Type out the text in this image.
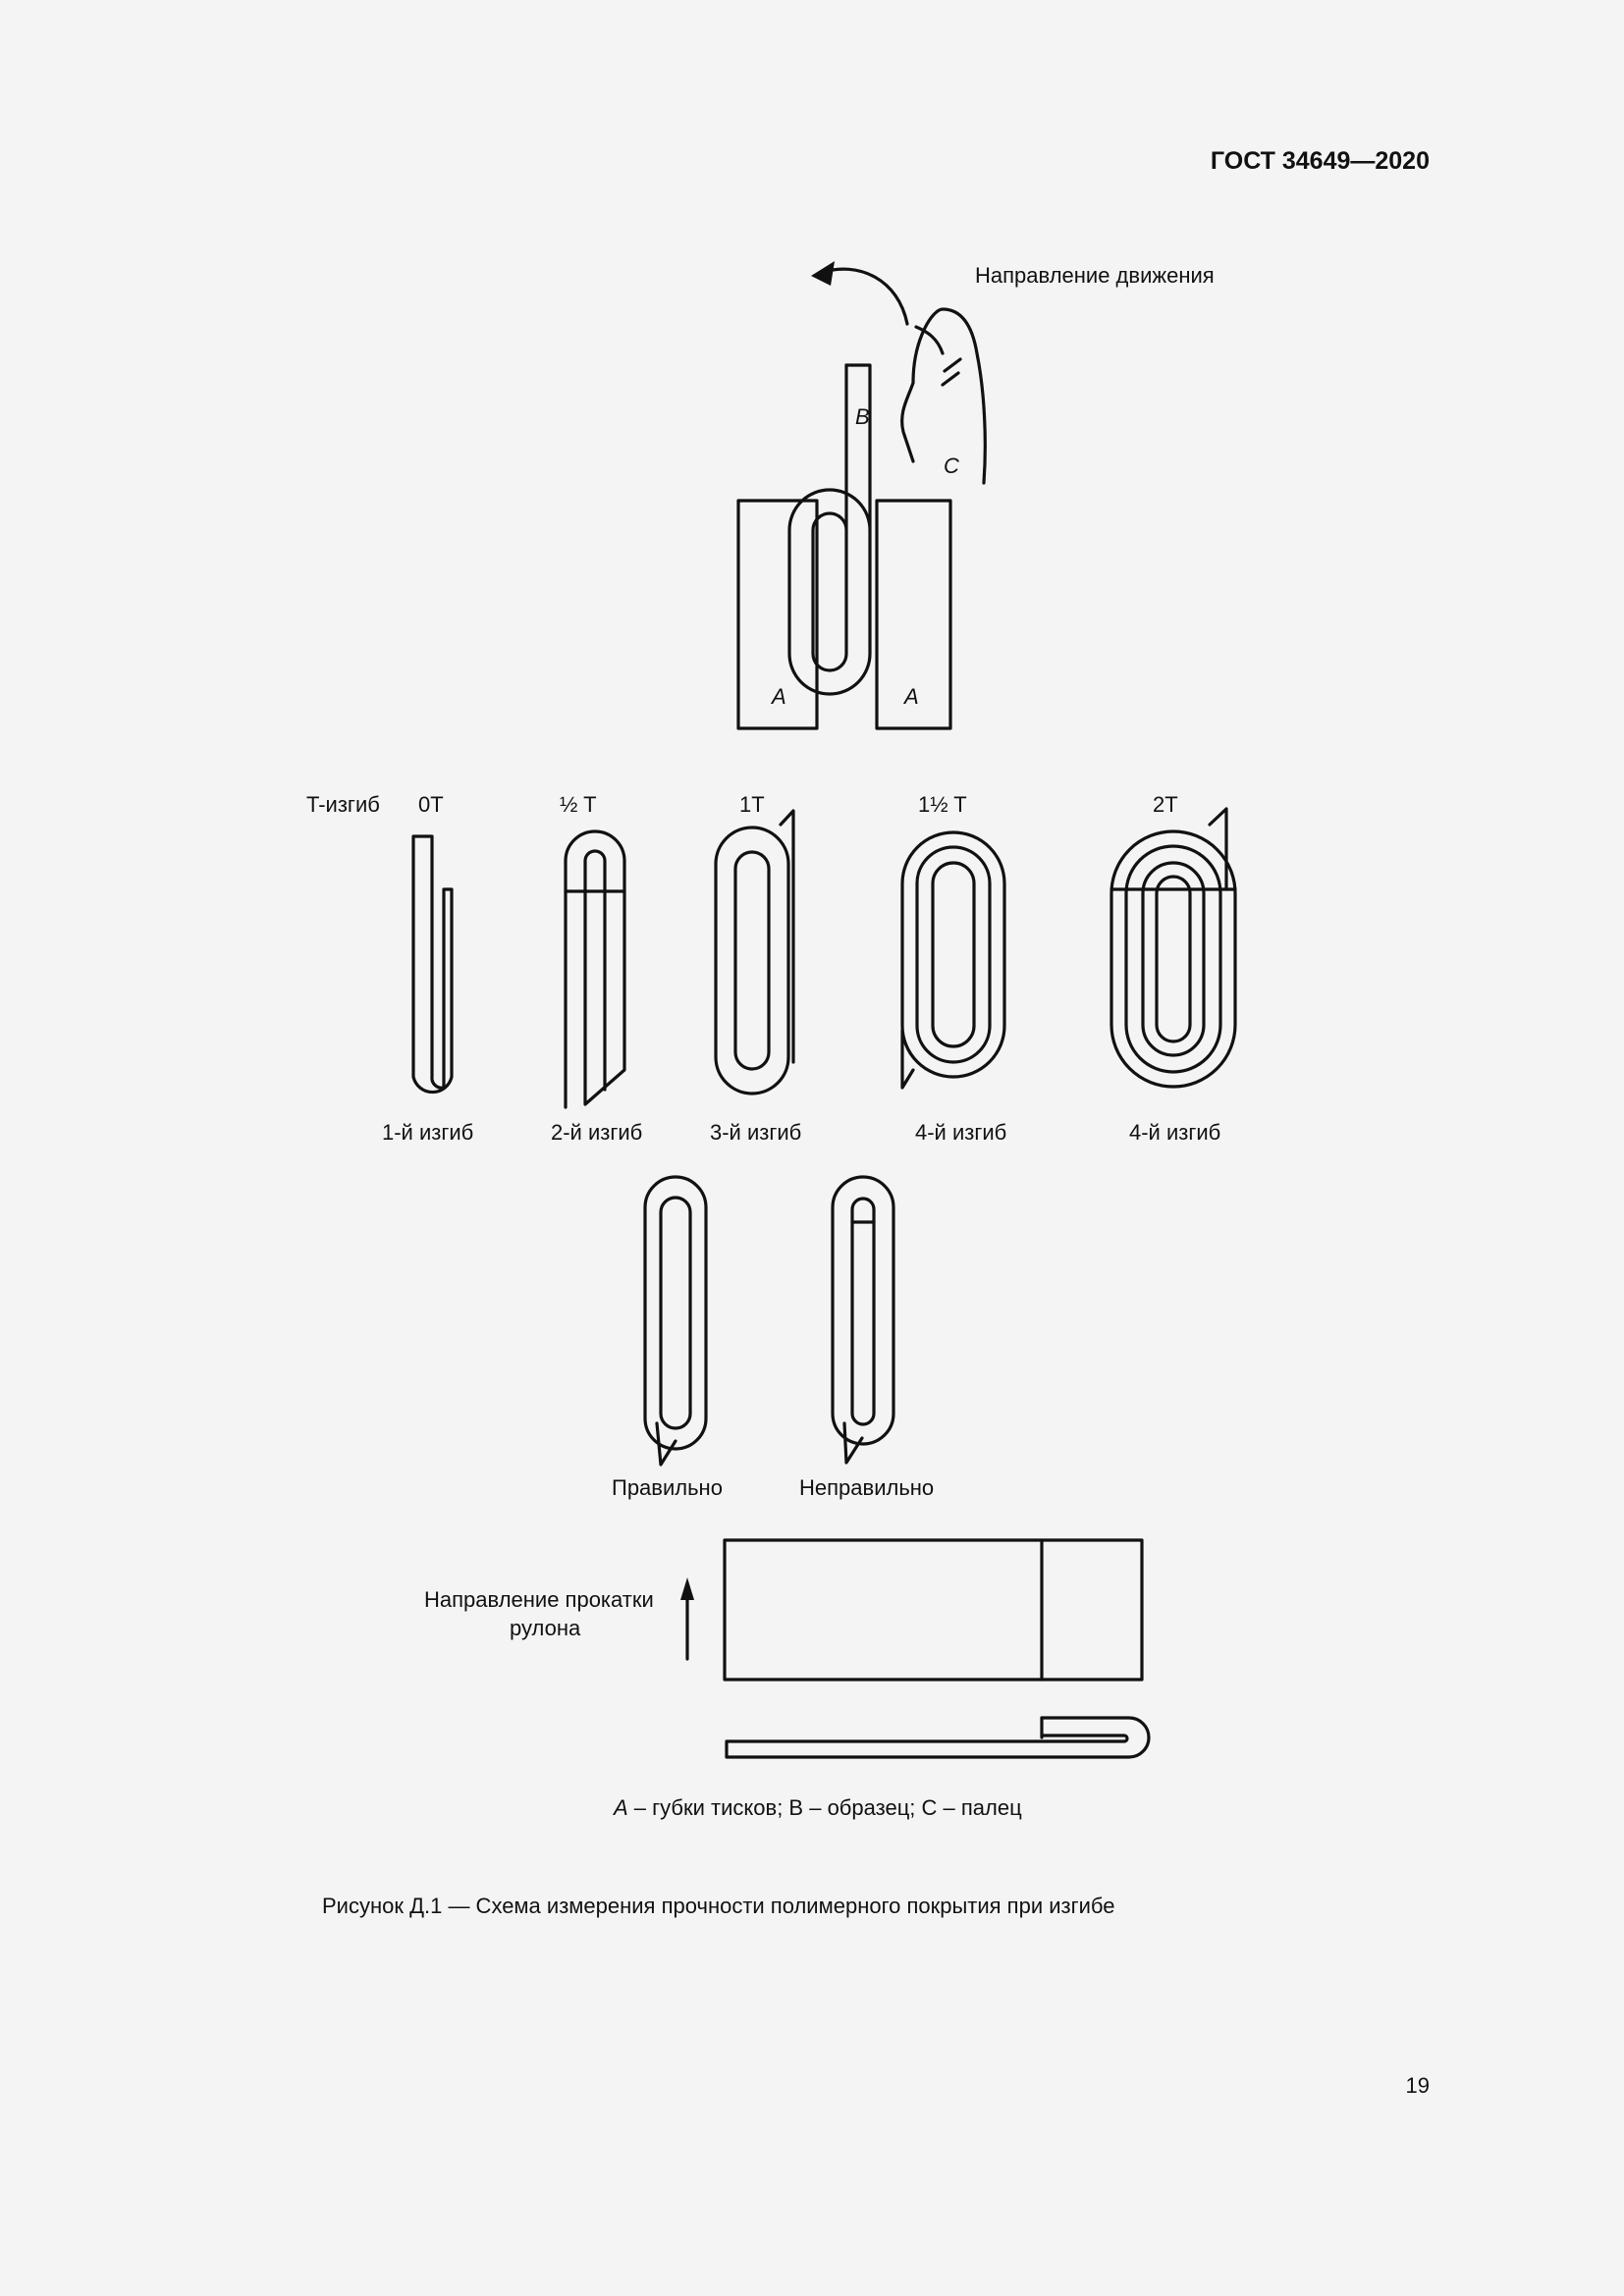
ГОСТ 34649—2020
B
C
A	A
Направление движения
T-изгиб 0T	½ T	1T	1½ T	2T
1-й изгиб	2-й изгиб	3-й изгиб	4-й изгиб	4-й изгиб
Правильно	Неправильно
Направление прокатки
рулона
A – губки тисков; B – образец; C – палец
Рисунок Д.1 — Схема измерения прочности полимерного покрытия при изгибе
19
